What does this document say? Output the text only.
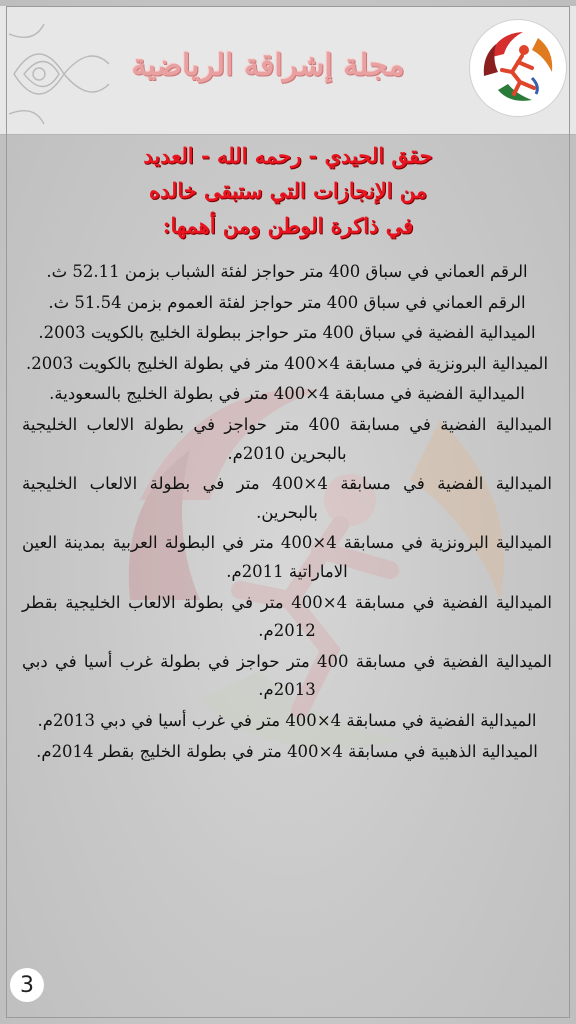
مجلة إشراقة الرياضية
حقق الحيدي - رحمه الله - العديد
من الإنجازات التي ستبقى خالده
في ذاكرة الوطن ومن أهمها:

الرقم العماني في سباق 400 متر حواجز لفئة الشباب بزمن 52.11 ث.

الرقم العماني في سباق 400 متر حواجز لفئة العموم بزمن 51.54 ث.

الميدالية الفضية في سباق 400 متر حواجز ببطولة الخليج بالكويت 2003.

الميدالية البرونزية في مسابقة 4×400 متر في بطولة الخليج بالكويت 2003.

الميدالية الفضية في مسابقة 4×400 متر في بطولة الخليج بالسعودية.

الميدالية الفضية في مسابقة 400 متر حواجز في بطولة الالعاب الخليجية بالبحرين 2010م.

الميدالية الفضية في مسابقة 4×400 متر في بطولة الالعاب الخليجية بالبحرين.

الميدالية البرونزية في مسابقة 4×400 متر في البطولة العربية بمدينة العين الاماراتية 2011م.

الميدالية الفضية في مسابقة 4×400 متر في بطولة الالعاب الخليجية بقطر 2012م.

الميدالية الفضية في مسابقة 400 متر حواجز في بطولة غرب أسيا في دبي 2013م.

الميدالية الفضية في مسابقة 4×400 متر في غرب أسيا في دبي 2013م.

الميدالية الذهبية في مسابقة 4×400 متر في بطولة الخليج بقطر 2014م.

3
